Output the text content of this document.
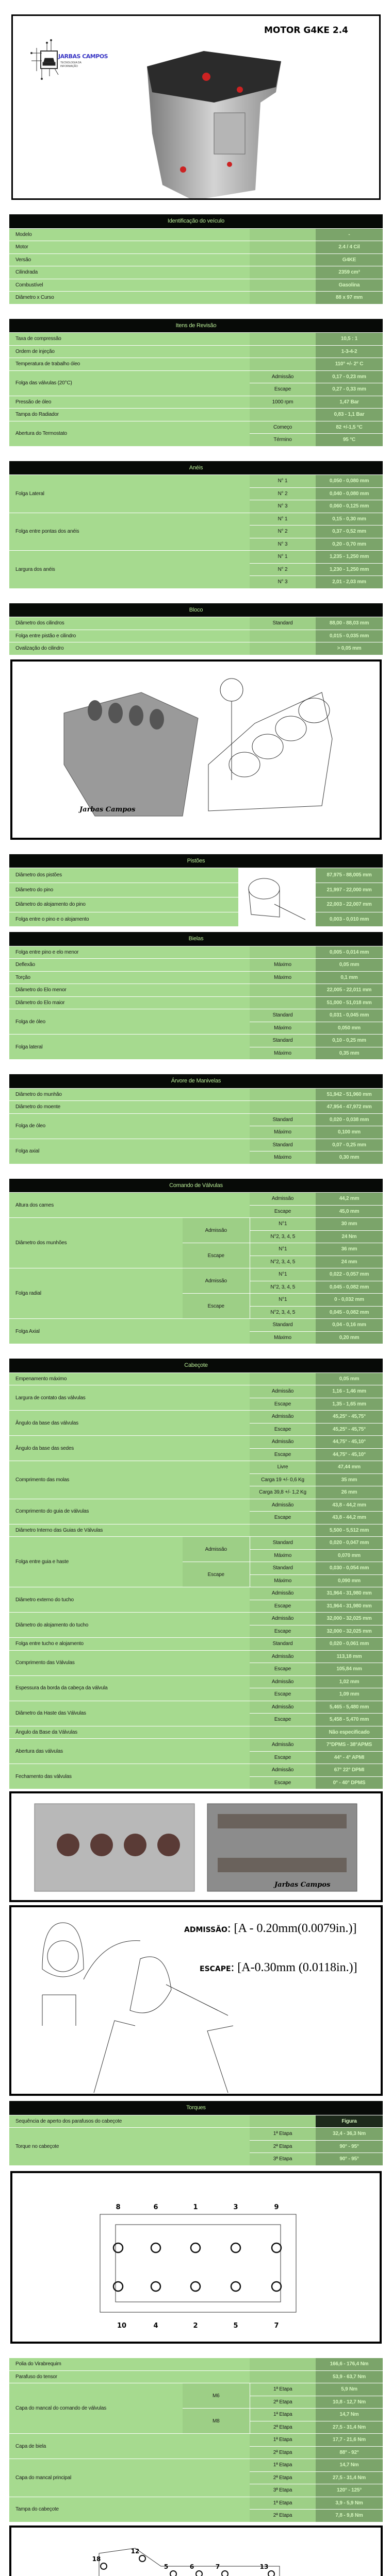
MOTOR G4KE 2.4
JARBAS CAMPOS
TECNOLOGIA DA
INFORMAÇÃO
Identificação do veículo		
Modelo		-
Motor		2.4 / 4 Cil
Versão		G4KE
Cilindrada		2359 cm³
Combustível		Gasolina
Diâmetro x Curso		88 x 97 mm
Itens de Revisão		
Taxa de compressão		10,5 : 1
Ordem de injeção		1-3-4-2
Temperatura de trabalho óleo		110° +/- 2° C
Folga das válvulas (20°C)	Admissão	0,17 - 0,23 mm
	Escape	0,27 - 0,33 mm
Pressão de óleo	1000 rpm	1,47 Bar
Tampa do Radiador		0,83 - 1,1 Bar
Abertura do Termostato	Começo	82 +/-1,5 °C
	Término	95 °C
Anéis		
Folga Lateral	N° 1	0,050 - 0,080 mm
	N° 2	0,040 - 0,080 mm
	N° 3	0,060 - 0,125 mm
Folga entre pontas dos anéis	N° 1	0,15 - 0,30 mm
	N° 2	0,37 - 0,52 mm
	N° 3	0,20 - 0,70 mm
Largura dos anéis	N° 1	1,235 - 1,250 mm
	N° 2	1,230 - 1,250 mm
	N° 3	2,01 - 2,03 mm
Bloco		
Diâmetro dos cilindros	Standard	88,00 - 88,03 mm
Folga entre pistão e cilindro		0,015 - 0,035 mm
Ovalização do cilindro		> 0,05 mm
Jarbas Campos
Pistões		
Diâmetro dos pistões		87,975 - 88,005 mm
Diâmetro do pino		21,997 - 22,000 mm
Diâmetro do alojamento do pino		22,003 - 22,007 mm
Folga entre o pino e o alojamento		0,003 - 0,010 mm
Bielas		
Folga entre pino e elo menor		0,005 - 0,014 mm
Deflexão	Máximo	0,05 mm
Torção	Máximo	0,1 mm
Diâmetro do Elo menor		22,005 - 22,011 mm
Diâmetro do Elo maior		51,000 - 51,018 mm
Folga de óleo	Standard	0,031 - 0,045 mm
	Máximo	0,050 mm
Folga lateral	Standard	0,10 - 0,25 mm
	Máximo	0,35 mm
Árvore de Manivelas		
Diâmetro do munhão		51,942 - 51,960 mm
Diâmetro do moente		47,954 - 47,972 mm
Folga de óleo	Standard	0,020 - 0,038 mm
	Máximo	0,100 mm
Folga axial	Standard	0,07 - 0,25 mm
	Máximo	0,30 mm
Comando de Válvulas			
Altura dos cames		Admissão	44,2 mm
		Escape	45,0 mm
Diâmetro dos munhões	Admissão	N°1	30 mm
		N°2, 3, 4, 5	24 Nm
	Escape	N°1	36 mm
		N°2, 3, 4, 5	24 mm
Folga radial	Admissão	N°1	0,022 - 0,057 mm
		N°2, 3, 4, 5	0,045 - 0,082 mm
	Escape	N°1	0 - 0,032 mm
		N°2, 3, 4, 5	0,045 - 0,082 mm
Folga Axial		Standard	0,04 - 0,16 mm
		Máximo	0,20 mm
Cabeçote			
Empenamento máximo			0,05 mm
Largura de contato das válvulas		Admissão	1,16 - 1,46 mm
		Escape	1,35 - 1,65 mm
Ângulo da base das válvulas		Admissão	45,25° - 45,75°
		Escape	45,25° - 45,75°
Ângulo da base das sedes		Admissão	44,75° - 45,10°
		Escape	44,75° - 45,10°
Comprimento das molas		Livre	47,44 mm
		Carga 19 +/- 0,6 Kg	35 mm
		Carga 39,8 +/- 1,2 Kg	26 mm
Comprimento do guia de válvulas		Admissão	43,8 - 44,2 mm
		Escape	43,8 - 44,2 mm
Diâmetro Interno das Guias de Válvulas			5,500 - 5,512 mm
Folga entre guia e haste	Admissão	Standard	0,020 - 0,047 mm
		Máximo	0,070 mm
	Escape	Standard	0,030 - 0,054 mm
		Máximo	0,090 mm
Diâmetro externo do tucho		Admissão	31,964 - 31,980 mm
		Escape	31,964 - 31,980 mm
Diâmetro do alojamento do tucho		Admissão	32,000 - 32,025 mm
		Escape	32,000 - 32,025 mm
Folga entre tucho e alojamento		Standard	0,020 - 0,061 mm
Comprimento das Válvulas		Admissão	113,18 mm
		Escape	105,84 mm
Espessura da borda da cabeça da válvula		Admissão	1,02 mm
		Escape	1,09 mm
Diâmetro da Haste das Válvulas		Admissão	5,465 - 5,480 mm
		Escape	5,458 - 5,470 mm
Ângulo da Base da Válvulas			Não especificado
Abertura das válvulas		Admissão	7°DPMS - 38°APMS
		Escape	44° - 4° APMI
Fechamento das válvulas		Admissão	67° 22° DPMI
		Escape	0° - 40° DPMS
Jarbas Campos
ADMISSÃO: [A - 0.20mm(0.0079in.)]
ESCAPE: [A-0.30mm (0.0118in.)]
Torques		
Sequência de aperto dos parafusos do cabeçote		Figura
Torque no cabeçote	1ª Etapa	32,4 - 36,3 Nm
	2ª Etapa	90° - 95°
	3ª Etapa	90° - 95°
8	6	1	3	9
10	4	2	5	7
Polia do Virabrequim			166,6 - 176,4 Nm
Parafuso do tensor			53,9 - 63,7 Nm
Capa do mancal do comando de válvulas	M6	1ª Etapa	5,9 Nm
		2ª Etapa	10,8 - 12,7 Nm
	M8	1ª Etapa	14,7 Nm
		2ª Etapa	27,5 - 31,4 Nm
Capa de biela		1ª Etapa	17,7 - 21,6 Nm
		2ª Etapa	88° - 92°
Capa do mancal principal		1ª Etapa	14,7 Nm
		2ª Etapa	27,5 - 31,4 Nm
		3ª Etapa	120° - 125°
Tampa do cabeçote		1ª Etapa	3,9 - 5,9 Nm
		2ª Etapa	7,8 - 9,8 Nm
12
5	6	7	13
18
